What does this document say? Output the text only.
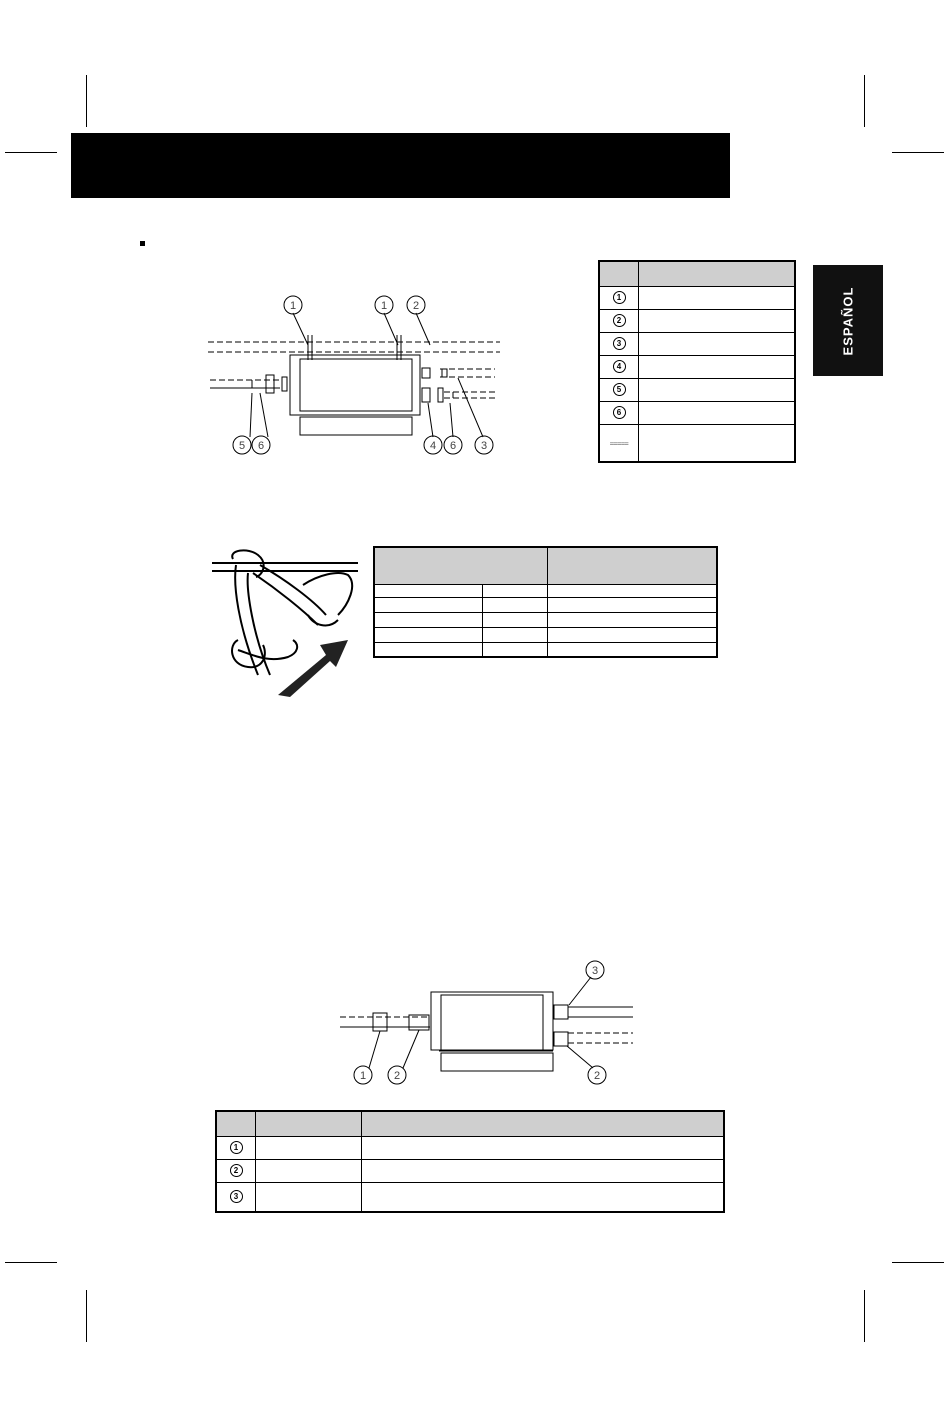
ESPAÑOL
1	1 2
5 6	4 6 3

1	
2	
3	
4	
5	
6	
=====	

3
1	2	2

1		
2		
3		
